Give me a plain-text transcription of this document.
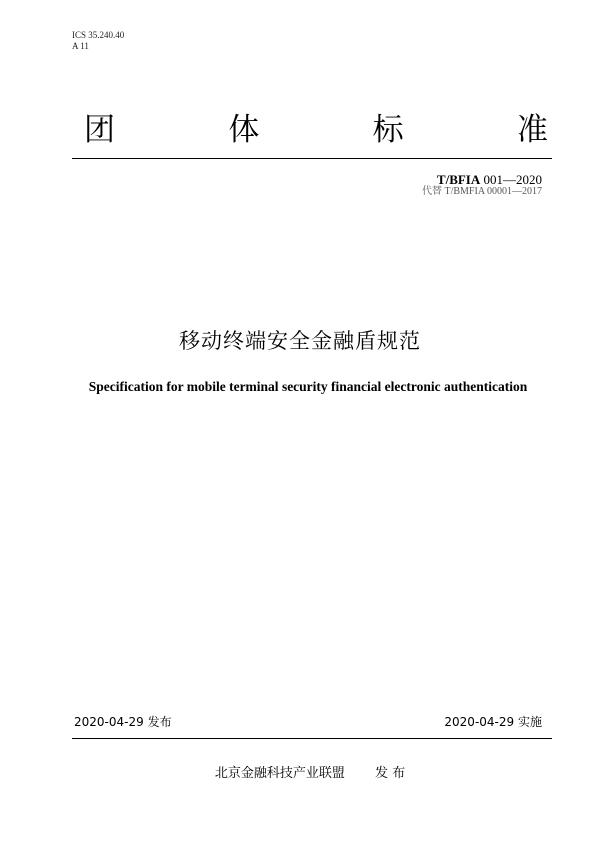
ICS 35.240.40
A 11
团	体	标	准
T/BFIA 001—2020
代替 T/BMFIA 00001—2017
移动终端安全金融盾规范
Specification for mobile terminal security financial electronic authentication
2020-04-29 发布	2020-04-29 实施
北京金融科技产业联盟 发 布
